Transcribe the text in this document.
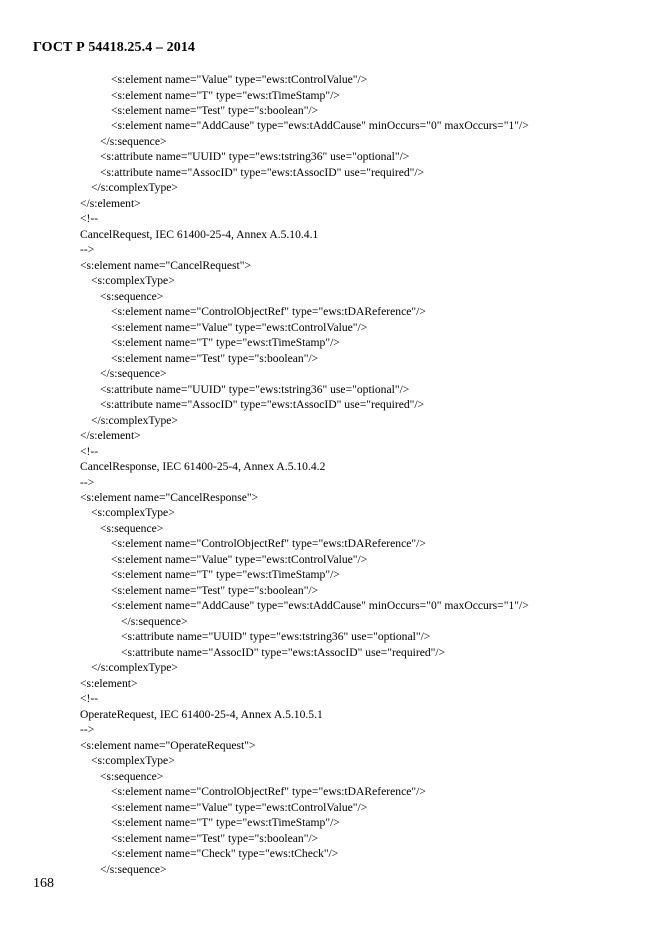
ГОСТ Р 54418.25.4 – 2014
<s:element name="Value" type="ews:tControlValue"/>
<s:element name="T" type="ews:tTimeStamp"/>
<s:element name="Test" type="s:boolean"/>
<s:element name="AddCause" type="ews:tAddCause" minOccurs="0" maxOccurs="1"/>
</s:sequence>
<s:attribute name="UUID" type="ews:tstring36" use="optional"/>
<s:attribute name="AssocID" type="ews:tAssocID" use="required"/>
</s:complexType>
</s:element>
<!--
CancelRequest, IEC 61400-25-4, Annex A.5.10.4.1
-->
<s:element name="CancelRequest">
<s:complexType>
<s:sequence>
<s:element name="ControlObjectRef" type="ews:tDAReference"/>
<s:element name="Value" type="ews:tControlValue"/>
<s:element name="T" type="ews:tTimeStamp"/>
<s:element name="Test" type="s:boolean"/>
</s:sequence>
<s:attribute name="UUID" type="ews:tstring36" use="optional"/>
<s:attribute name="AssocID" type="ews:tAssocID" use="required"/>
</s:complexType>
</s:element>
<!--
CancelResponse, IEC 61400-25-4, Annex A.5.10.4.2
-->
<s:element name="CancelResponse">
<s:complexType>
<s:sequence>
<s:element name="ControlObjectRef" type="ews:tDAReference"/>
<s:element name="Value" type="ews:tControlValue"/>
<s:element name="T" type="ews:tTimeStamp"/>
<s:element name="Test" type="s:boolean"/>
<s:element name="AddCause" type="ews:tAddCause" minOccurs="0" maxOccurs="1"/>
</s:sequence>
<s:attribute name="UUID" type="ews:tstring36" use="optional"/>
<s:attribute name="AssocID" type="ews:tAssocID" use="required"/>
</s:complexType>
<s:element>
<!--
OperateRequest, IEC 61400-25-4, Annex A.5.10.5.1
-->
<s:element name="OperateRequest">
<s:complexType>
<s:sequence>
<s:element name="ControlObjectRef" type="ews:tDAReference"/>
<s:element name="Value" type="ews:tControlValue"/>
<s:element name="T" type="ews:tTimeStamp"/>
<s:element name="Test" type="s:boolean"/>
<s:element name="Check" type="ews:tCheck"/>
</s:sequence>
168
